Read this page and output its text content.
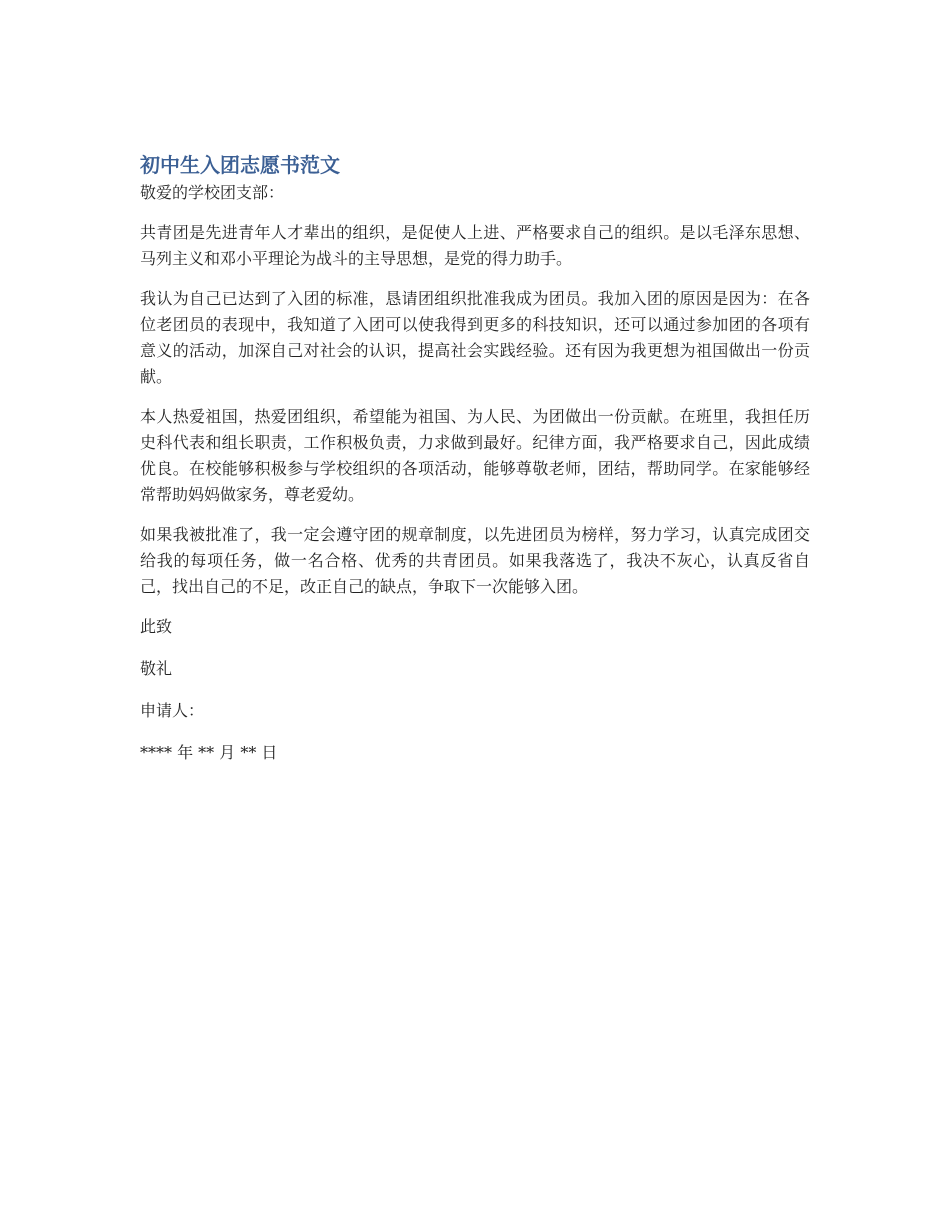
初中生入团志愿书范文
敬爱的学校团支部：

共青团是先进青年人才辈出的组织，是促使人上进、严格要求自己的组织。是以毛泽东思想、马列主义和邓小平理论为战斗的主导思想，是党的得力助手。

我认为自己已达到了入团的标准，恳请团组织批准我成为团员。我加入团的原因是因为：在各位老团员的表现中，我知道了入团可以使我得到更多的科技知识，还可以通过参加团的各项有意义的活动，加深自己对社会的认识，提高社会实践经验。还有因为我更想为祖国做出一份贡献。

本人热爱祖国，热爱团组织，希望能为祖国、为人民、为团做出一份贡献。在班里，我担任历史科代表和组长职责，工作积极负责，力求做到最好。纪律方面，我严格要求自己，因此成绩优良。在校能够积极参与学校组织的各项活动，能够尊敬老师，团结，帮助同学。在家能够经常帮助妈妈做家务，尊老爱幼。

如果我被批准了，我一定会遵守团的规章制度，以先进团员为榜样，努力学习，认真完成团交给我的每项任务，做一名合格、优秀的共青团员。如果我落选了，我决不灰心，认真反省自己，找出自己的不足，改正自己的缺点，争取下一次能够入团。

此致
敬礼
申请人：
**** 年 ** 月 ** 日
